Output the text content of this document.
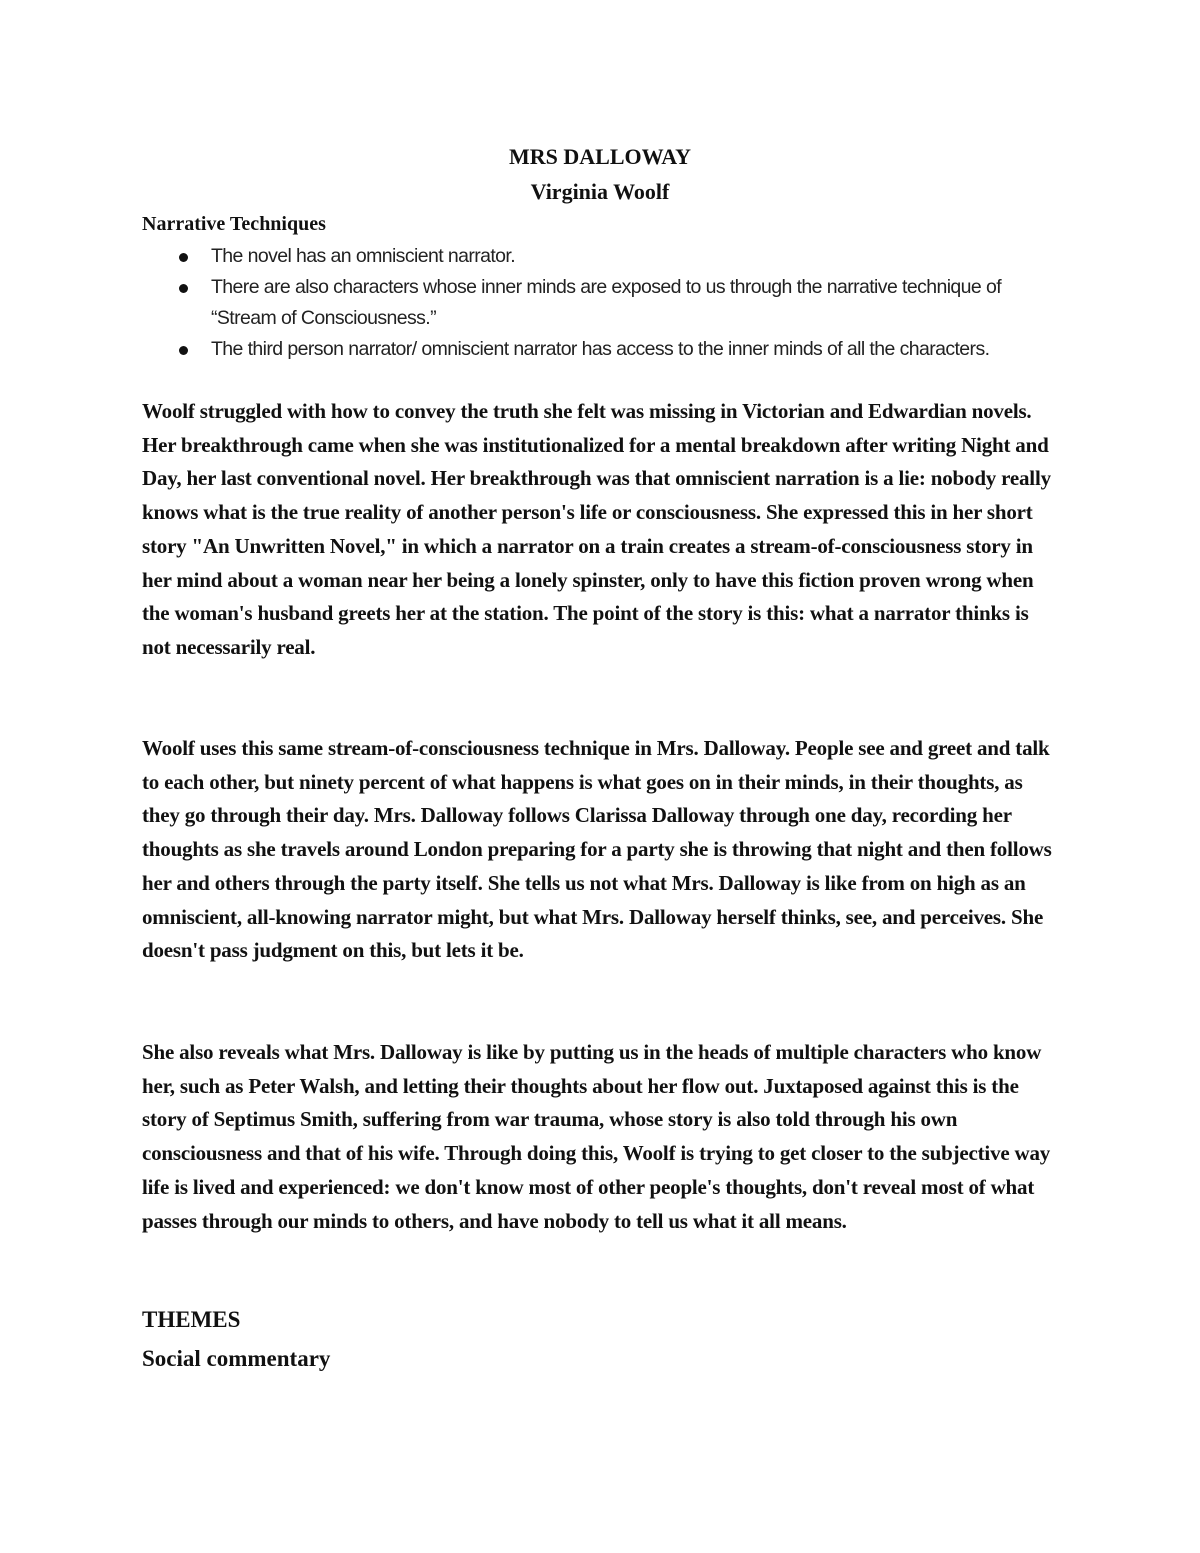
MRS DALLOWAY
Virginia Woolf

Narrative Techniques

The novel has an omniscient narrator.
There are also characters whose inner minds are exposed to us through the narrative technique of “Stream of Consciousness.”
The third person narrator/ omniscient narrator has access to the inner minds of all the characters.

Woolf struggled with how to convey the truth she felt was missing in Victorian and Edwardian novels. Her breakthrough came when she was institutionalized for a mental breakdown after writing Night and Day, her last conventional novel. Her breakthrough was that omniscient narration is a lie: nobody really knows what is the true reality of another person's life or consciousness. She expressed this in her short story "An Unwritten Novel," in which a narrator on a train creates a stream-of-consciousness story in her mind about a woman near her being a lonely spinster, only to have this fiction proven wrong when the woman's husband greets her at the station. The point of the story is this: what a narrator thinks is not necessarily real.

Woolf uses this same stream-of-consciousness technique in Mrs. Dalloway. People see and greet and talk to each other, but ninety percent of what happens is what goes on in their minds, in their thoughts, as they go through their day. Mrs. Dalloway follows Clarissa Dalloway through one day, recording her thoughts as she travels around London preparing for a party she is throwing that night and then follows her and others through the party itself. She tells us not what Mrs. Dalloway is like from on high as an omniscient, all-knowing narrator might, but what Mrs. Dalloway herself thinks, see, and perceives. She doesn't pass judgment on this, but lets it be.

She also reveals what Mrs. Dalloway is like by putting us in the heads of multiple characters who know her, such as Peter Walsh, and letting their thoughts about her flow out. Juxtaposed against this is the story of Septimus Smith, suffering from war trauma, whose story is also told through his own consciousness and that of his wife. Through doing this, Woolf is trying to get closer to the subjective way life is lived and experienced: we don't know most of other people's thoughts, don't reveal most of what passes through our minds to others, and have nobody to tell us what it all means.

THEMES
Social commentary
